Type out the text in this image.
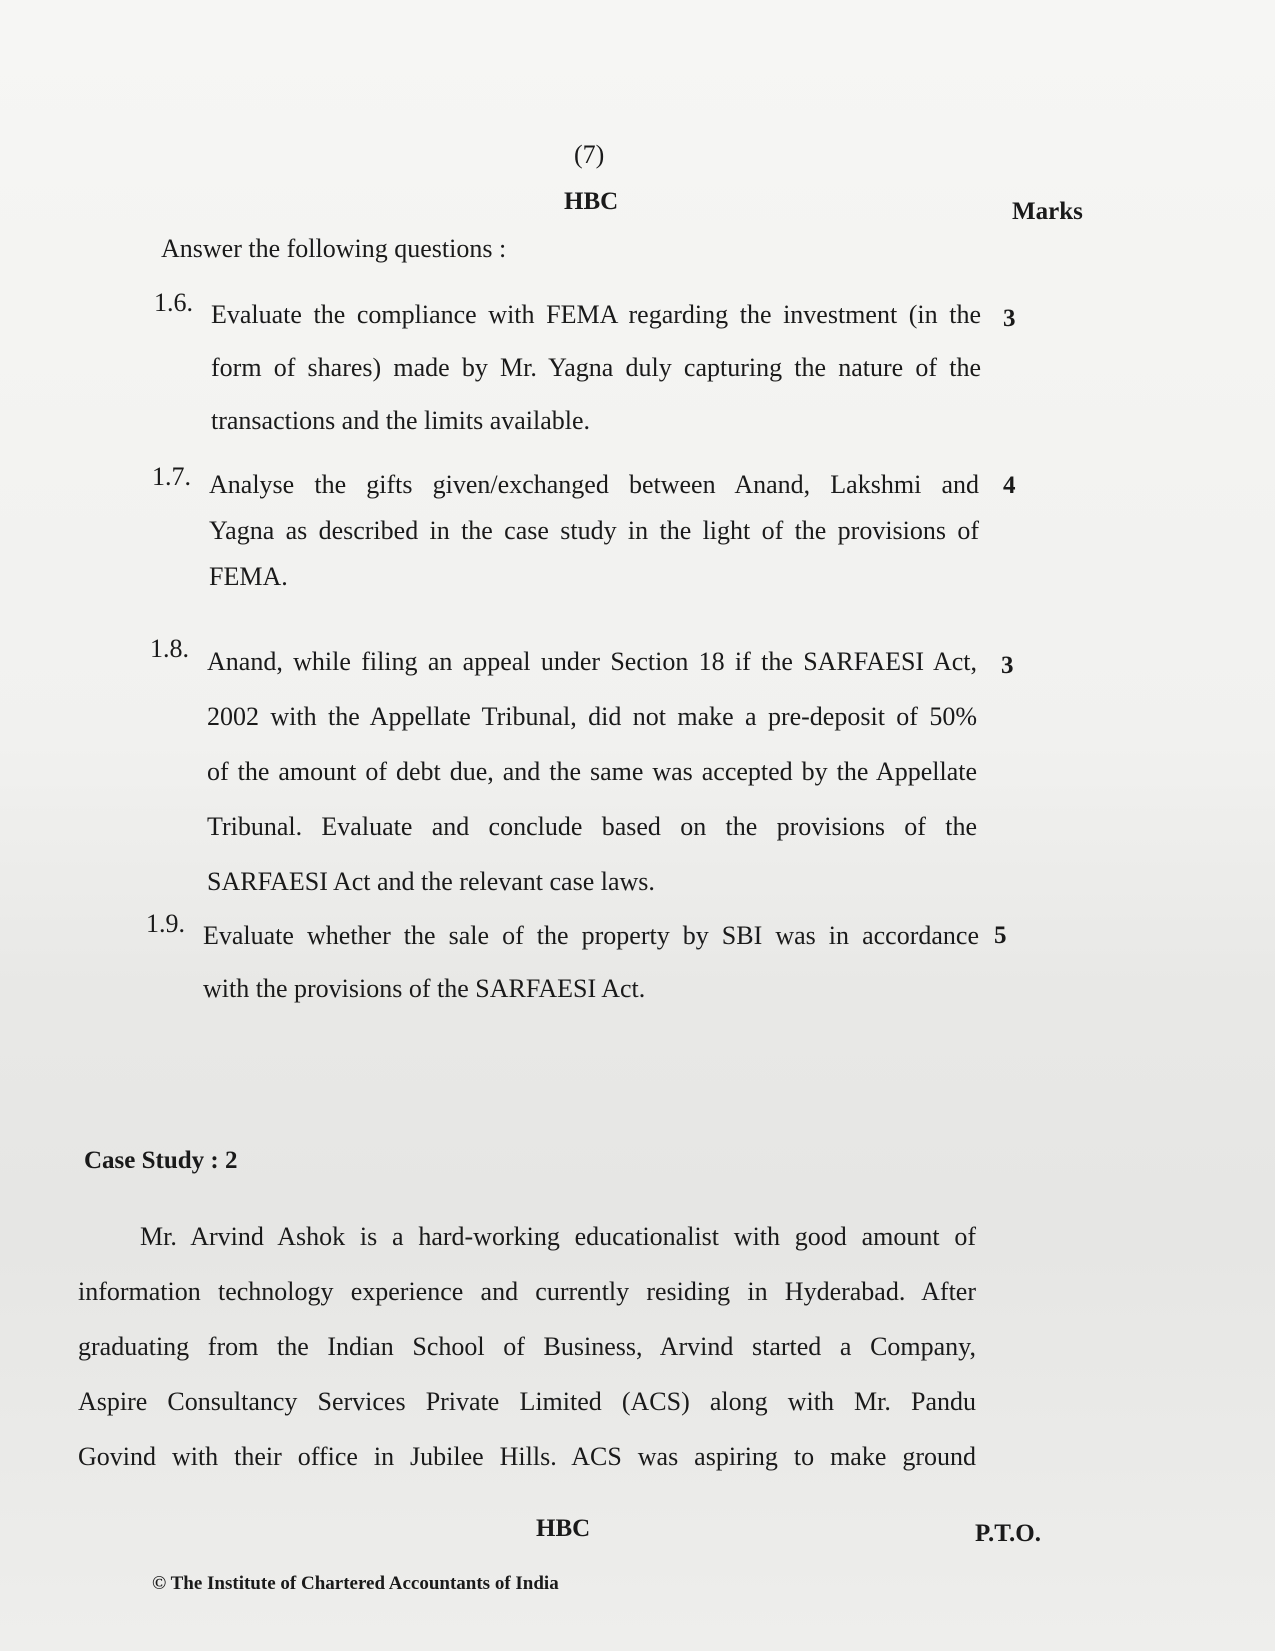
(7)
HBC	Marks
Answer the following questions :
1.6. Evaluate the compliance with FEMA regarding the investment (in the

form of shares) made by Mr. Yagna duly capturing the nature of the

transactions and the limits available.

3
1.7. Analyse the gifts given/exchanged between Anand, Lakshmi and

Yagna as described in the case study in the light of the provisions of

FEMA.

4
1.8. Anand, while filing an appeal under Section 18 if the SARFAESI Act,

2002 with the Appellate Tribunal, did not make a pre-deposit of 50%

of the amount of debt due, and the same was accepted by the Appellate

Tribunal. Evaluate and conclude based on the provisions of the

SARFAESI Act and the relevant case laws.

3
1.9. Evaluate whether the sale of the property by SBI was in accordance

with the provisions of the SARFAESI Act.

5
Case Study : 2

Mr. Arvind Ashok is a hard-working educationalist with good amount of

information technology experience and currently residing in Hyderabad. After

graduating from the Indian School of Business, Arvind started a Company,

Aspire Consultancy Services Private Limited (ACS) along with Mr. Pandu

Govind with their office in Jubilee Hills. ACS was aspiring to make ground

HBC	P.T.O.
© The Institute of Chartered Accountants of India
